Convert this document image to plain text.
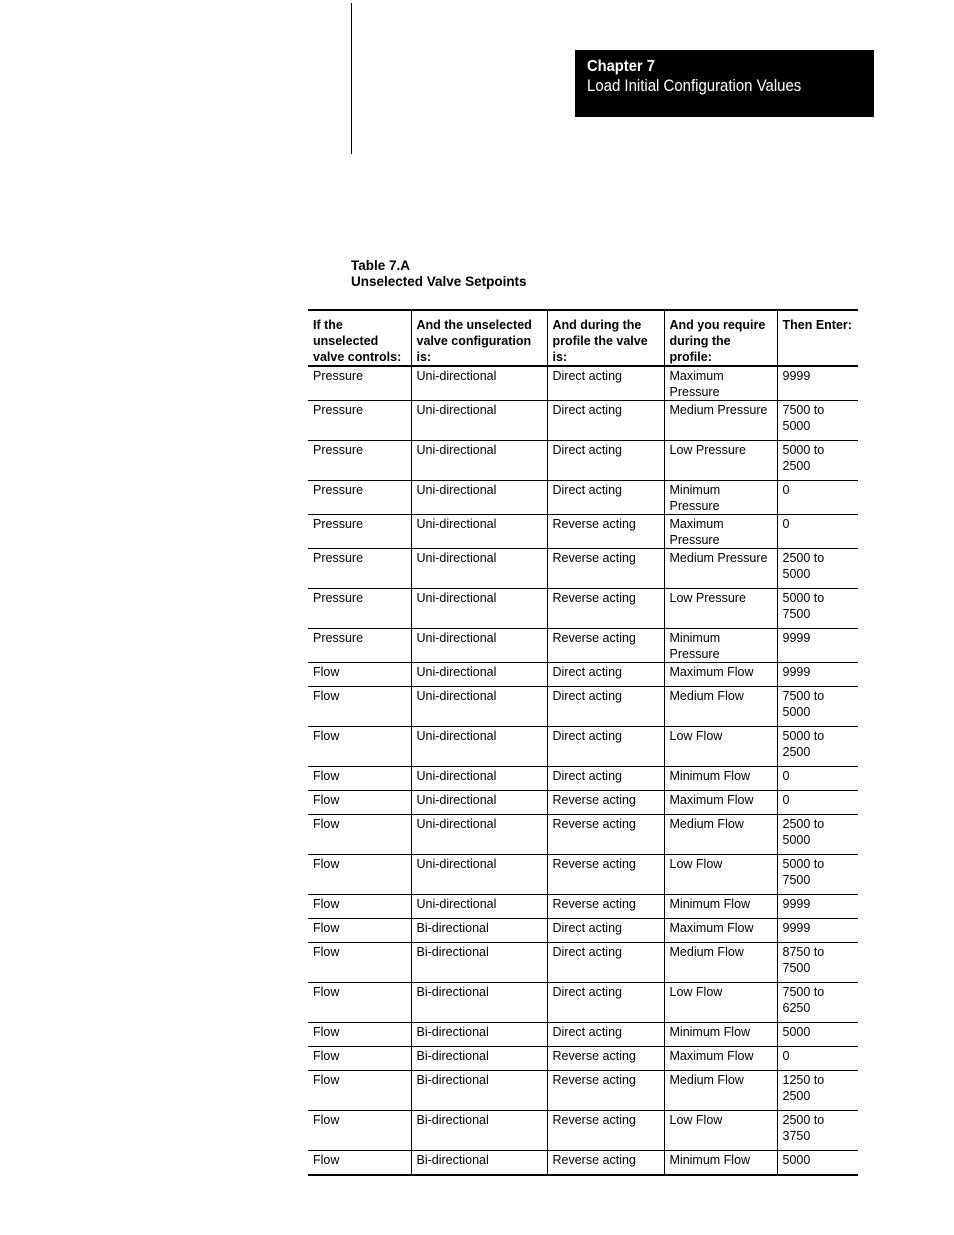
Chapter 7
Load Initial Configuration Values
Table 7.A
Unselected Valve Setpoints
If the unselected valve controls:	And the unselected valve configuration is:	And during the profile the valve is:	And you require during the profile:	Then Enter:
Pressure	Uni-directional	Direct acting	Maximum Pressure	9999
Pressure	Uni-directional	Direct acting	Medium Pressure	7500 to
5000
Pressure	Uni-directional	Direct acting	Low Pressure	5000 to
2500
Pressure	Uni-directional	Direct acting	Minimum Pressure	0
Pressure	Uni-directional	Reverse acting	Maximum Pressure	0
Pressure	Uni-directional	Reverse acting	Medium Pressure	2500 to
5000
Pressure	Uni-directional	Reverse acting	Low Pressure	5000 to
7500
Pressure	Uni-directional	Reverse acting	Minimum Pressure	9999
Flow	Uni-directional	Direct acting	Maximum Flow	9999
Flow	Uni-directional	Direct acting	Medium Flow	7500 to
5000
Flow	Uni-directional	Direct acting	Low Flow	5000 to
2500
Flow	Uni-directional	Direct acting	Minimum Flow	0
Flow	Uni-directional	Reverse acting	Maximum Flow	0
Flow	Uni-directional	Reverse acting	Medium Flow	2500 to
5000
Flow	Uni-directional	Reverse acting	Low Flow	5000 to
7500
Flow	Uni-directional	Reverse acting	Minimum Flow	9999
Flow	Bi-directional	Direct acting	Maximum Flow	9999
Flow	Bi-directional	Direct acting	Medium Flow	8750 to
7500
Flow	Bi-directional	Direct acting	Low Flow	7500 to
6250
Flow	Bi-directional	Direct acting	Minimum Flow	5000
Flow	Bi-directional	Reverse acting	Maximum Flow	0
Flow	Bi-directional	Reverse acting	Medium Flow	1250 to
2500
Flow	Bi-directional	Reverse acting	Low Flow	2500 to
3750
Flow	Bi-directional	Reverse acting	Minimum Flow	5000
